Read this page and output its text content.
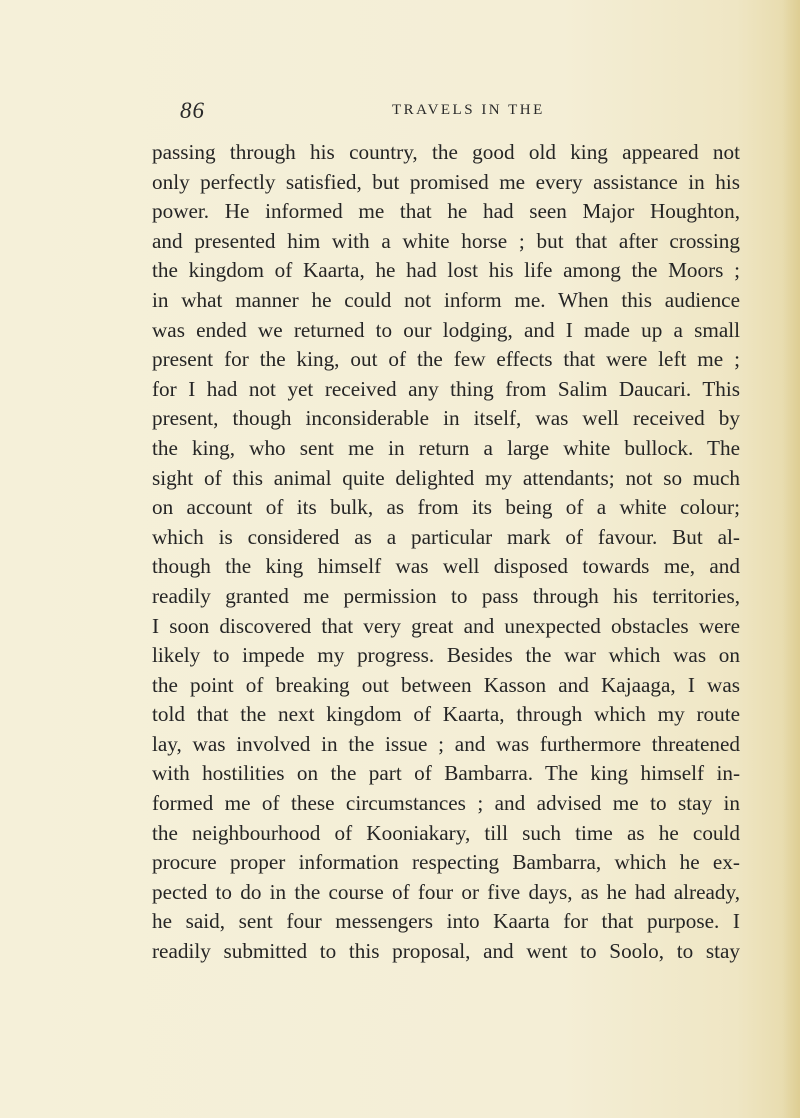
86	TRAVELS IN THE
passing through his country, the good old king appeared not
only perfectly satisfied, but promised me every assistance in his
power. He informed me that he had seen Major Houghton,
and presented him with a white horse ; but that after crossing
the kingdom of Kaarta, he had lost his life among the Moors ;
in what manner he could not inform me. When this audience
was ended we returned to our lodging, and I made up a small
present for the king, out of the few effects that were left me ;
for I had not yet received any thing from Salim Daucari. This
present, though inconsiderable in itself, was well received by
the king, who sent me in return a large white bullock. The
sight of this animal quite delighted my attendants; not so much
on account of its bulk, as from its being of a white colour;
which is considered as a particular mark of favour. But al-
though the king himself was well disposed towards me, and
readily granted me permission to pass through his territories,
I soon discovered that very great and unexpected obstacles were
likely to impede my progress. Besides the war which was on
the point of breaking out between Kasson and Kajaaga, I was
told that the next kingdom of Kaarta, through which my route
lay, was involved in the issue ; and was furthermore threatened
with hostilities on the part of Bambarra. The king himself in-
formed me of these circumstances ; and advised me to stay in
the neighbourhood of Kooniakary, till such time as he could
procure proper information respecting Bambarra, which he ex-
pected to do in the course of four or five days, as he had already,
he said, sent four messengers into Kaarta for that purpose. I
readily submitted to this proposal, and went to Soolo, to stay
